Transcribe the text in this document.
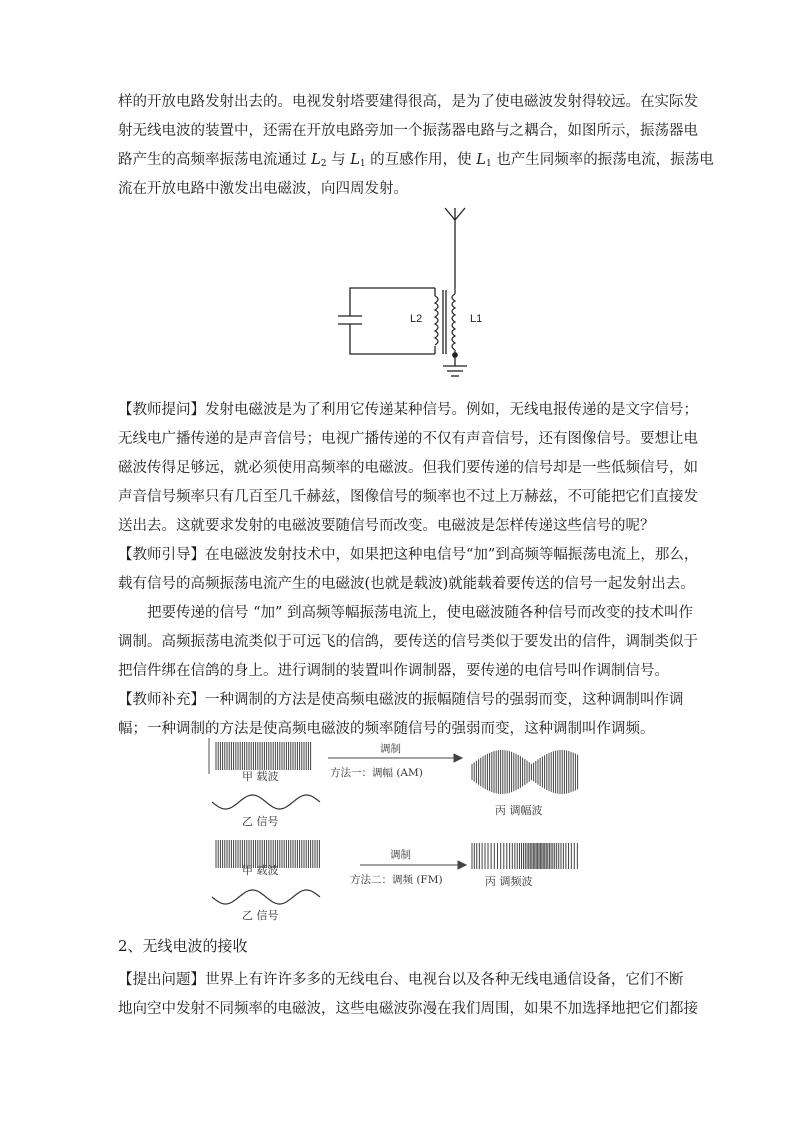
样的开放电路发射出去的。电视发射塔要建得很高，是为了使电磁波发射得较远。在实际发
射无线电波的装置中，还需在开放电路旁加一个振荡器电路与之耦合，如图所示，振荡器电
路产生的高频率振荡电流通过 $L_2$ 与 $L_1$ 的互感作用，使 $L_1$ 也产生同频率的振荡电流，振荡电
流在开放电路中激发出电磁波，向四周发射。
L2	L1
【教师提问】发射电磁波是为了利用它传递某种信号。例如，无线电报传递的是文字信号；
无线电广播传递的是声音信号；电视广播传递的不仅有声音信号，还有图像信号。要想让电
磁波传得足够远，就必须使用高频率的电磁波。但我们要传递的信号却是一些低频信号，如
声音信号频率只有几百至几千赫兹，图像信号的频率也不过上万赫兹，不可能把它们直接发
送出去。这就要求发射的电磁波要随信号而改变。电磁波是怎样传递这些信号的呢？
【教师引导】在电磁波发射技术中，如果把这种电信号“加”到高频等幅振荡电流上，那么，
载有信号的高频振荡电流产生的电磁波(也就是载波)就能载着要传送的信号一起发射出去。
把要传递的信号 “加” 到高频等幅振荡电流上，使电磁波随各种信号而改变的技术叫作
调制。高频振荡电流类似于可远飞的信鸽，要传送的信号类似于要发出的信件，调制类似于
把信件绑在信鸽的身上。进行调制的装置叫作调制器，要传递的电信号叫作调制信号。
【教师补充】一种调制的方法是使高频电磁波的振幅随信号的强弱而变，这种调制叫作调
幅；一种调制的方法是使高频电磁波的频率随信号的强弱而变，这种调制叫作调频。
甲 载波
乙 信号
调制
方法一：调幅 (AM)
丙 调幅波
甲 载波
乙 信号
调制
方法二：调频 (FM)	丙 调频波
2、无线电波的接收
【提出问题】世界上有许许多多的无线电台、电视台以及各种无线电通信设备，它们不断
地向空中发射不同频率的电磁波，这些电磁波弥漫在我们周围，如果不加选择地把它们都接
